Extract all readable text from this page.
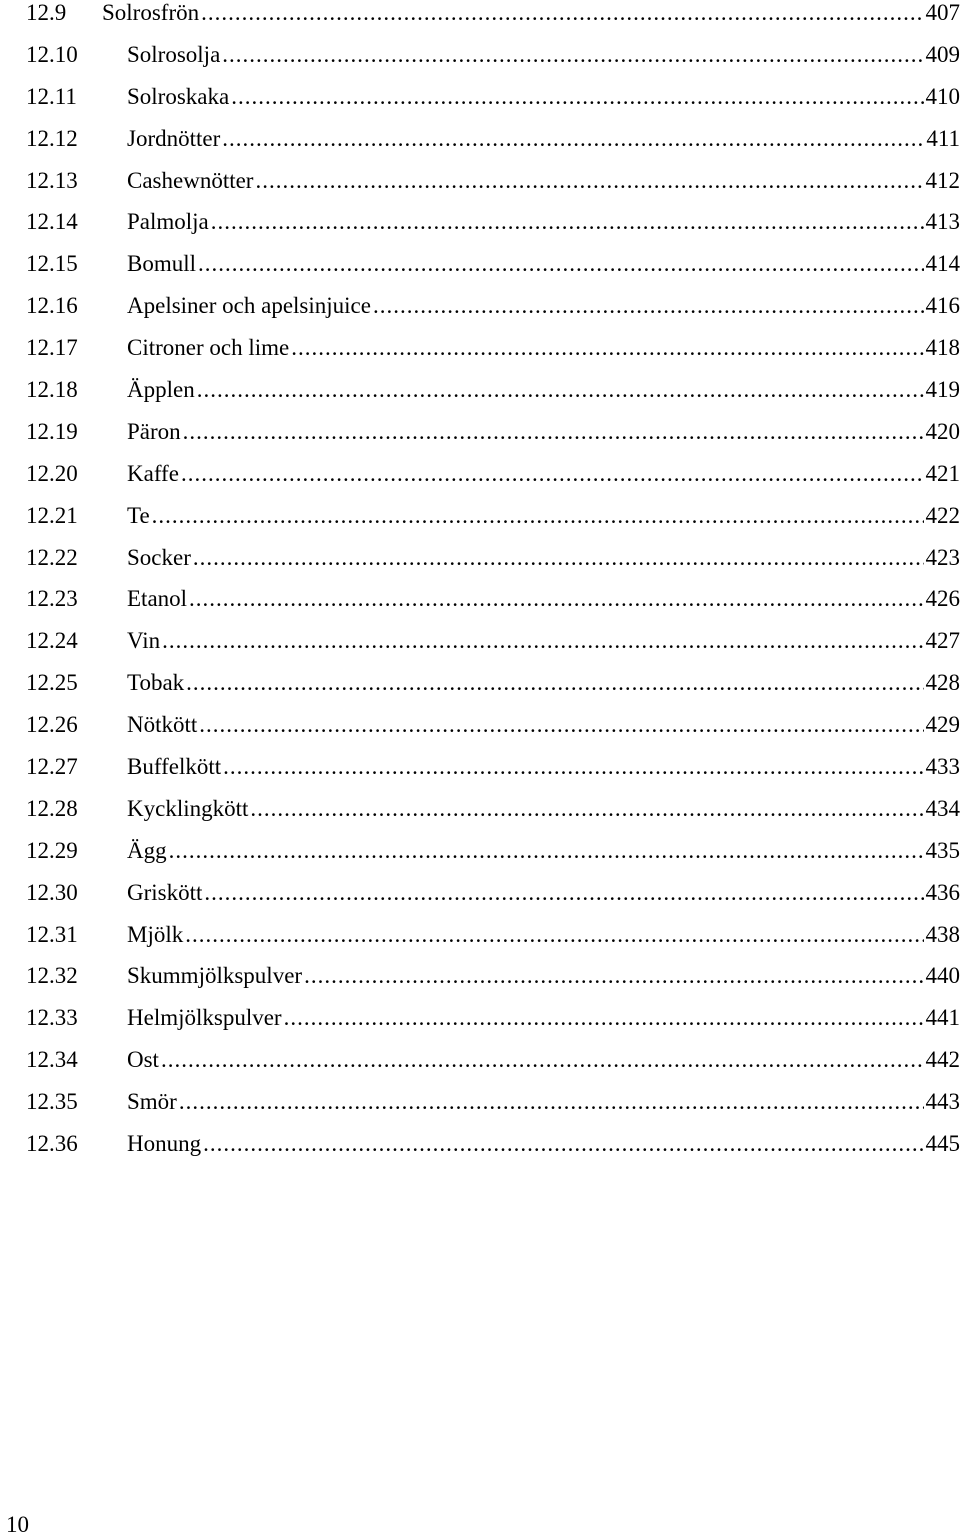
12.9	Solrosfrön .....	407
12.10	Solrosolja .....	409
12.11	Solroskaka .....	410
12.12	Jordnötter .....	411
12.13	Cashewnötter .....	412
12.14	Palmolja .....	413
12.15	Bomull .....	414
12.16	Apelsiner och apelsinjuice .....	416
12.17	Citroner och lime .....	418
12.18	Äpplen .....	419
12.19	Päron .....	420
12.20	Kaffe .....	421
12.21	Te .....	422
12.22	Socker .....	423
12.23	Etanol .....	426
12.24	Vin .....	427
12.25	Tobak .....	428
12.26	Nötkött .....	429
12.27	Buffelkött .....	433
12.28	Kycklingkött .....	434
12.29	Ägg .....	435
12.30	Griskött .....	436
12.31	Mjölk .....	438
12.32	Skummjölkspulver .....	440
12.33	Helmjölkspulver .....	441
12.34	Ost .....	442
12.35	Smör .....	443
12.36	Honung .....	445
10
